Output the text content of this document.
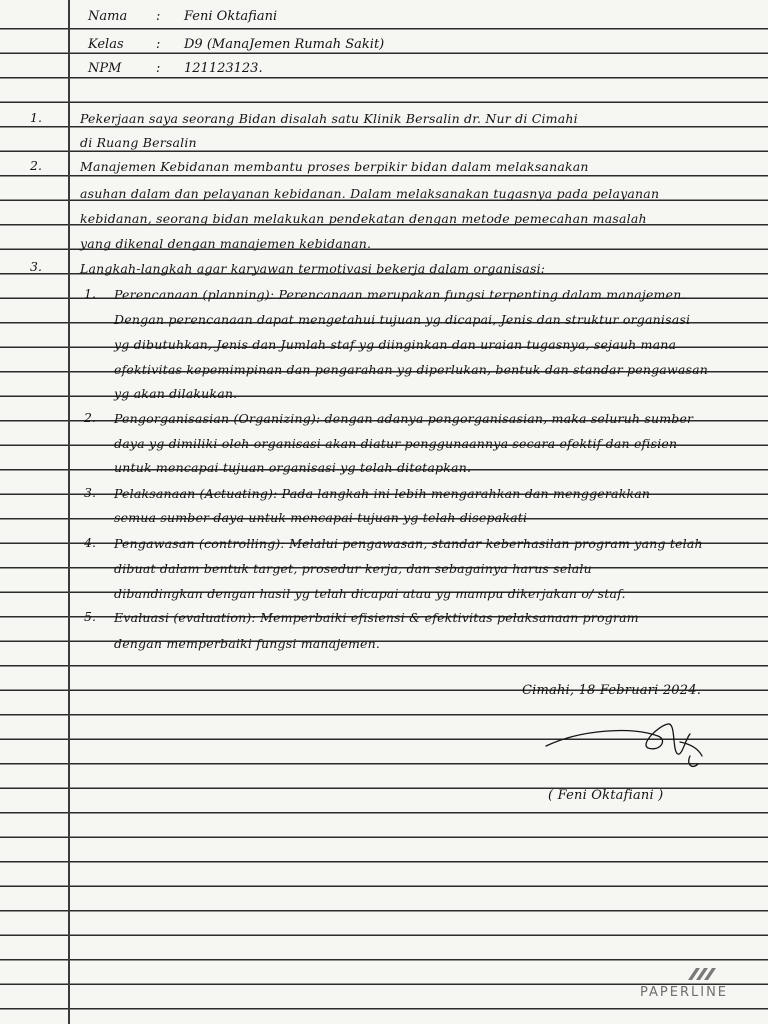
Nama : Feni Oktafiani
Kelas : D9 (ManaJemen Rumah Sakit)
NPM	: 121123123.
1.	Pekerjaan saya seorang Bidan disalah satu Klinik Bersalin dr. Nur di Cimahi
di Ruang Bersalin
2.	Manajemen Kebidanan membantu proses berpikir bidan dalam melaksanakan
asuhan dalam dan pelayanan kebidanan. Dalam melaksanakan tugasnya pada pelayanan
kebidanan, seorang bidan melakukan pendekatan dengan metode pemecahan masalah
yang dikenal dengan manajemen kebidanan.
3.	Langkah-langkah agar karyawan termotivasi bekerja dalam organisasi:
1. Perencanaan (planning): Perencanaan merupakan fungsi terpenting dalam manajemen.
Dengan perencanaan dapat mengetahui tujuan yg dicapai, Jenis dan struktur organisasi
yg dibutuhkan, Jenis dan Jumlah staf yg diinginkan dan uraian tugasnya, sejauh mana
efektivitas kepemimpinan dan pengarahan yg diperlukan, bentuk dan standar pengawasan
yg akan dilakukan.
2. Pengorganisasian (Organizing): dengan adanya pengorganisasian, maka seluruh sumber
daya yg dimiliki oleh organisasi akan diatur penggunaannya secara efektif dan efisien
untuk mencapai tujuan organisasi yg telah ditetapkan.
3. Pelaksanaan (Actuating): Pada langkah ini lebih mengarahkan dan menggerakkan
semua sumber daya untuk mencapai tujuan yg telah disepakati
4. Pengawasan (controlling): Melalui pengawasan, standar keberhasilan program yang telah
dibuat dalam bentuk target, prosedur kerja, dan sebagainya harus selalu
dibandingkan dengan hasil yg telah dicapai atau yg mampu dikerjakan o/ staf.
5. Evaluasi (evaluation): Memperbaiki efisiensi & efektivitas pelaksanaan program
dengan memperbaiki fungsi manajemen.
Cimahi, 18 Februari 2024.
( Feni Oktafiani )
PAPERLINE
